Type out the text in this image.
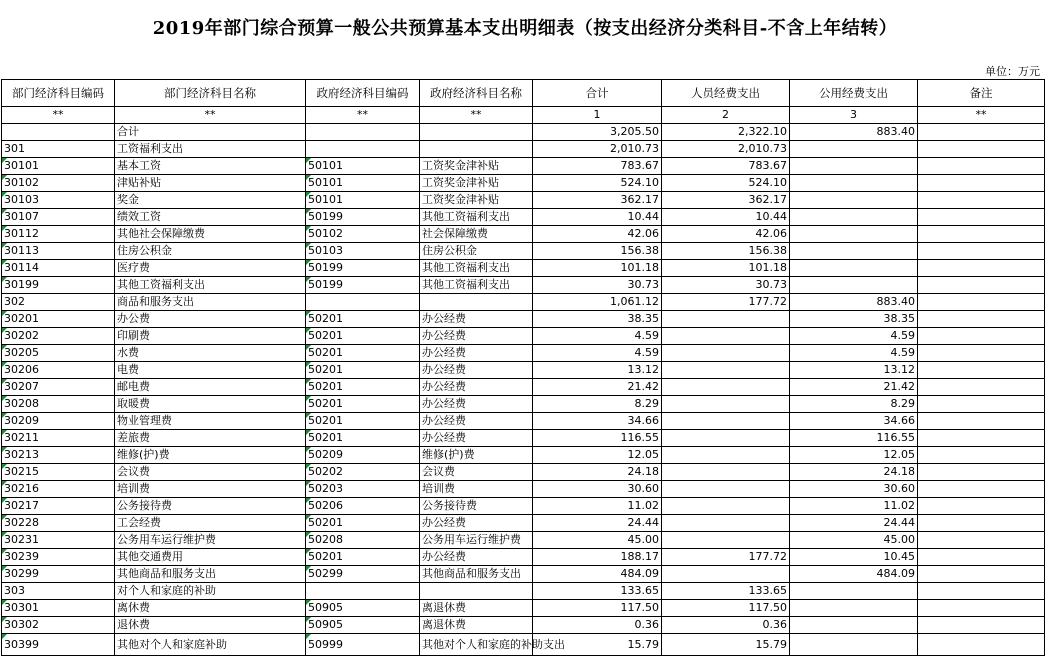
2019年部门综合预算一般公共预算基本支出明细表（按支出经济分类科目-不含上年结转）
单位：万元
部门经济科目编码	部门经济科目名称	政府经济科目编码	政府经济科目名称	合计	人员经费支出	公用经费支出	备注
**	**	**	**	1	2	3	**
	合计			3,205.50	2,322.10	883.40	
301	工资福利支出			2,010.73	2,010.73		
30101	基本工资	50101	工资奖金津补贴	783.67	783.67		
30102	津贴补贴	50101	工资奖金津补贴	524.10	524.10		
30103	奖金	50101	工资奖金津补贴	362.17	362.17		
30107	绩效工资	50199	其他工资福利支出	10.44	10.44		
30112	其他社会保障缴费	50102	社会保障缴费	42.06	42.06		
30113	住房公积金	50103	住房公积金	156.38	156.38		
30114	医疗费	50199	其他工资福利支出	101.18	101.18		
30199	其他工资福利支出	50199	其他工资福利支出	30.73	30.73		
302	商品和服务支出			1,061.12	177.72	883.40	
30201	办公费	50201	办公经费	38.35		38.35	
30202	印刷费	50201	办公经费	4.59		4.59	
30205	水费	50201	办公经费	4.59		4.59	
30206	电费	50201	办公经费	13.12		13.12	
30207	邮电费	50201	办公经费	21.42		21.42	
30208	取暖费	50201	办公经费	8.29		8.29	
30209	物业管理费	50201	办公经费	34.66		34.66	
30211	差旅费	50201	办公经费	116.55		116.55	
30213	维修(护)费	50209	维修(护)费	12.05		12.05	
30215	会议费	50202	会议费	24.18		24.18	
30216	培训费	50203	培训费	30.60		30.60	
30217	公务接待费	50206	公务接待费	11.02		11.02	
30228	工会经费	50201	办公经费	24.44		24.44	
30231	公务用车运行维护费	50208	公务用车运行维护费	45.00		45.00	
30239	其他交通费用	50201	办公经费	188.17	177.72	10.45	
30299	其他商品和服务支出	50299	其他商品和服务支出	484.09		484.09	
303	对个人和家庭的补助			133.65	133.65		
30301	离休费	50905	离退休费	117.50	117.50		
30302	退休费	50905	离退休费	0.36	0.36		
30399	其他对个人和家庭补助	50999	其他对个人和家庭的补助支出	15.79	15.79		
